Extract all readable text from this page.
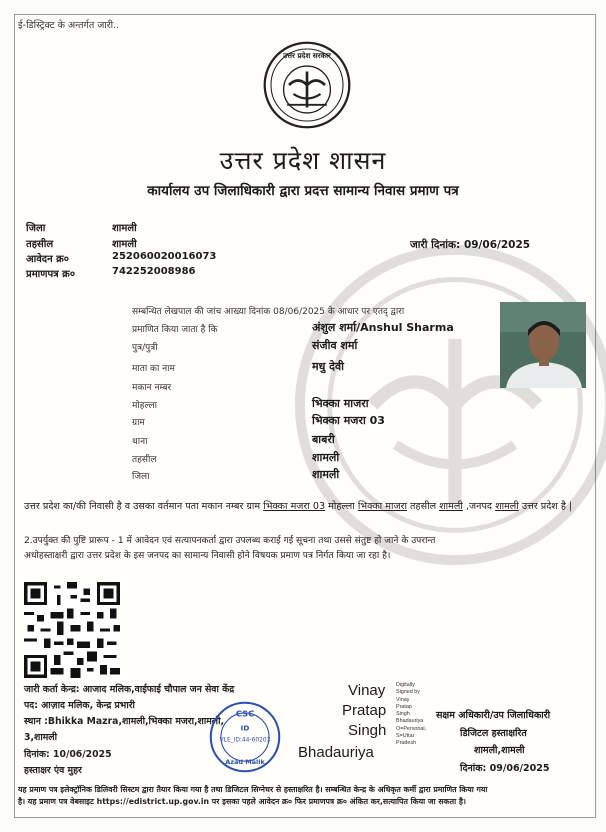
ई-डिस्ट्रिक्ट के अन्तर्गत जारी..
उत्तर प्रदेश सरकार
उत्तर प्रदेश शासन
कार्यालय उप जिलाधिकारी द्वारा प्रदत्त सामान्य निवास प्रमाण पत्र
जिला	शामली
तहसील	शामली
आवेदन क्र०	252060020016073
प्रमाणपत्र क्र०	742252008986
जारी दिनांक: 09/06/2025
सम्बन्धित लेखपाल की जांच आख्या दिनांक 08/06/2025 के आधार पर एतद् द्वारा
प्रमाणित किया जाता है कि	अंशुल शर्मा/Anshul Sharma
पुत्र/पुत्री	संजीव शर्मा
माता का नाम	मधु देवी
मकान नम्बर
मोहल्ला	भिक्का माजरा
ग्राम	भिक्का मजरा 03
थाना	बाबरी
तहसील	शामली
जिला	शामली
उत्तर प्रदेश का/की निवासी है व उसका वर्तमान पता मकान नम्बर ग्राम भिक्का मजरा 03 मोहल्ला भिक्का माजरा तहसील शामली ,जनपद शामली उत्तर प्रदेश है |
2.उपर्युक्त की पुष्टि प्रारूप - 1 में आवेदन एवं सत्यापनकर्ता द्वारा उपलब्ध कराई गई सूचना तथा उससे संतुष्ट हो जाने के उपरान्त
अधोहस्ताक्षरी द्वारा उत्तर प्रदेश के इस जनपद का सामान्य निवासी होने विषयक प्रमाण पत्र निर्गत किया जा रहा है।
जारी कर्ता केन्द्र: आजाद मलिक,वाईफाई चौपाल जन सेवा केंद्र
पद: आज़ाद मलिक, केन्द्र प्रभारी
स्थान :Bhikka Mazra,शामली,भिक्का मजरा,शामली,
3,शामली
दिनांक: 10/06/2025
हस्ताक्षर एंव मुहर
CSC
ID
VLE_ID:44-60203
Azad Malik
Vinay
Pratap
Singh
Bhadauriya
Digitally
Signed by
Vinay
Pratap
Singh
Bhadauriya
O=Personal,
S=Uttar
Pradesh
सक्षम अधिकारी/उप जिलाधिकारी
डिजिटल हस्ताक्षरित
शामली,शामली
दिनांक: 09/06/2025
यह प्रमाण पत्र इलेक्ट्रॉनिक डिलिवरी सिस्टम द्वारा तैयार किया गया है तथा डिजिटल सिग्नेचर से हस्ताक्षरित है। सम्बन्धित केन्द्र के अधिकृत कर्मी द्वारा प्रमाणित किया गया
है। यह प्रमाण पत्र वेबसाइट https://edistrict.up.gov.in पर इसका पहले आवेदन क्र० फिर प्रमाणपत्र क्र० अंकित कर,सत्यापित किया जा सकता है।
